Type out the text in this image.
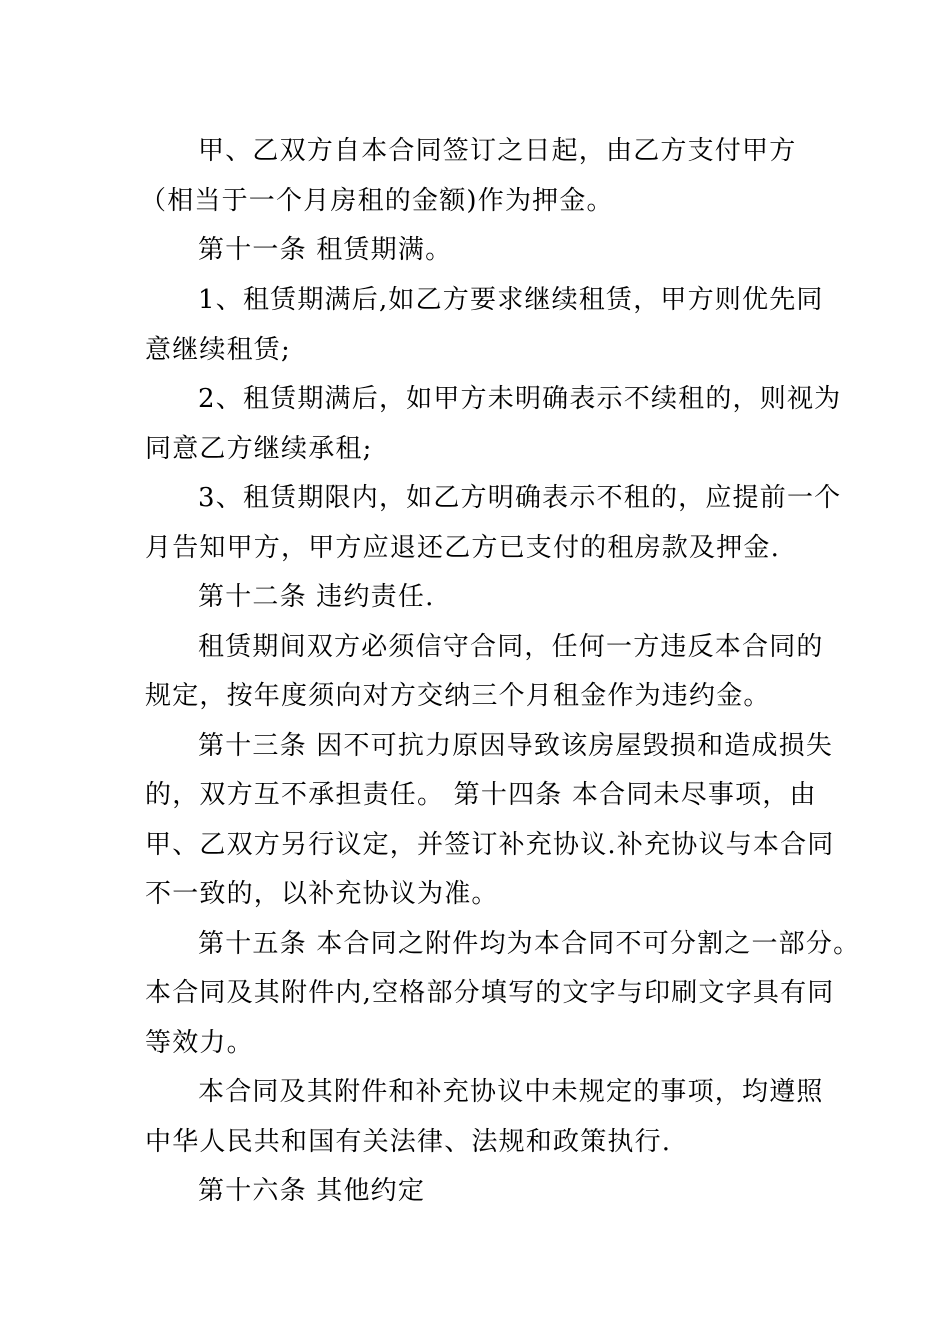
甲、乙双方自本合同签订之日起，由乙方支付甲方
（相当于一个月房租的金额)作为押金。
第十一条 租赁期满。
1、租赁期满后,如乙方要求继续租赁，甲方则优先同
意继续租赁;
2、租赁期满后，如甲方未明确表示不续租的，则视为
同意乙方继续承租;
3、租赁期限内，如乙方明确表示不租的，应提前一个
月告知甲方，甲方应退还乙方已支付的租房款及押金.
第十二条 违约责任.
租赁期间双方必须信守合同，任何一方违反本合同的
规定，按年度须向对方交纳三个月租金作为违约金。
第十三条 因不可抗力原因导致该房屋毁损和造成损失
的，双方互不承担责任。 第十四条 本合同未尽事项，由
甲、乙双方另行议定，并签订补充协议.补充协议与本合同
不一致的，以补充协议为准。
第十五条 本合同之附件均为本合同不可分割之一部分。
本合同及其附件内,空格部分填写的文字与印刷文字具有同
等效力。
本合同及其附件和补充协议中未规定的事项，均遵照
中华人民共和国有关法律、法规和政策执行.
第十六条 其他约定
